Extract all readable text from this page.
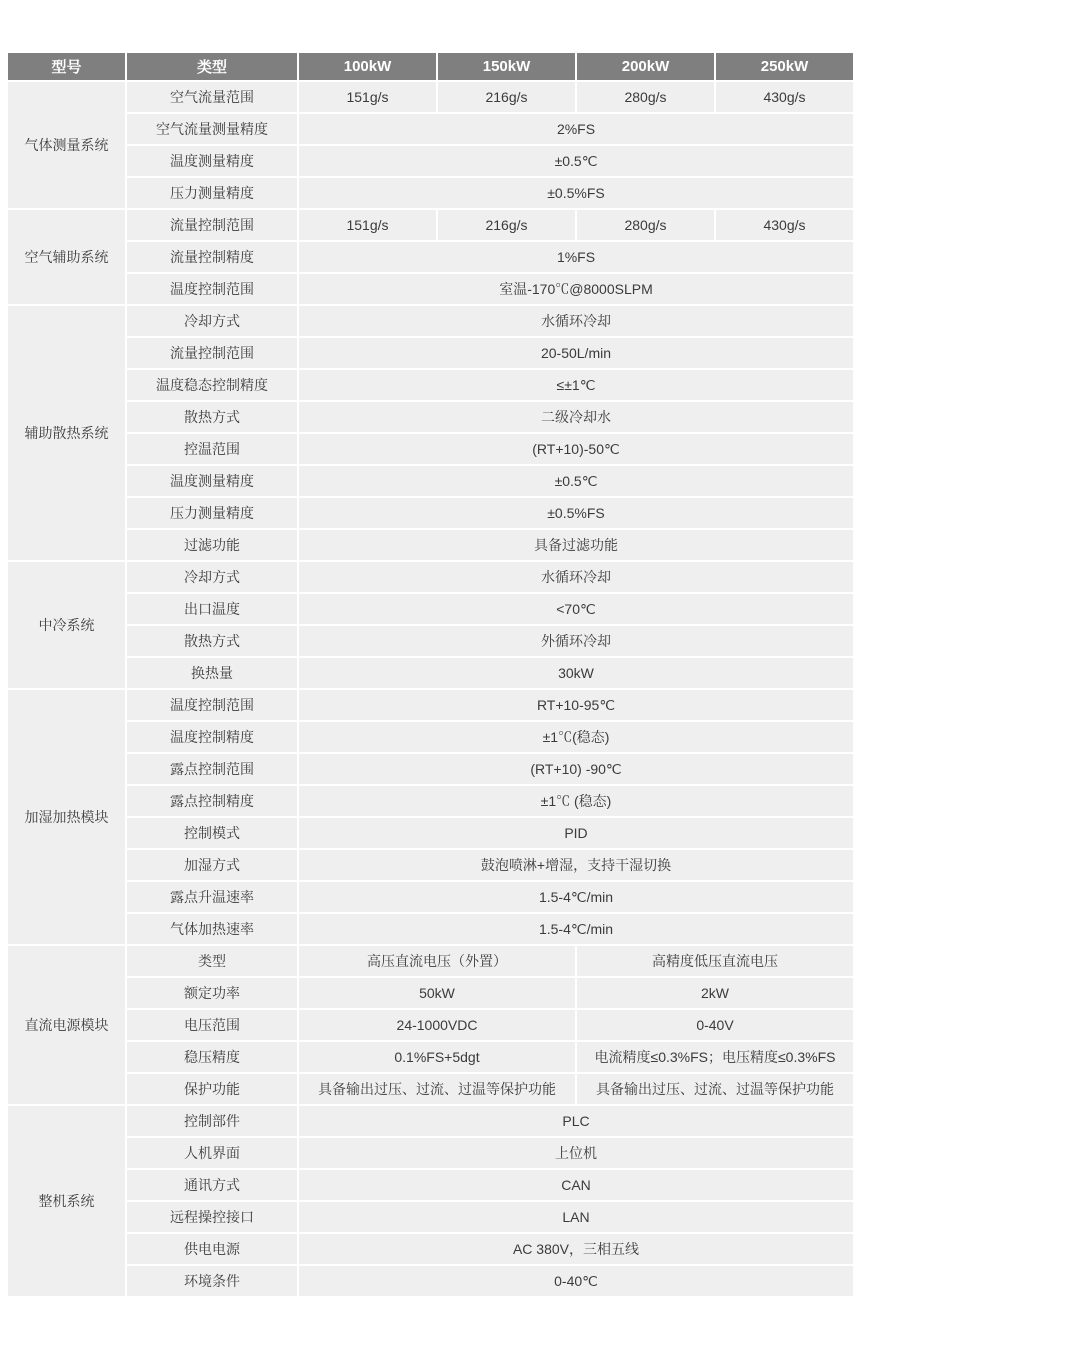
型号	类型	100kW	150kW	200kW	250kW
气体测量系统	空气流量范围	151g/s	216g/s	280g/s	430g/s
	空气流量测量精度	2%FS			
	温度测量精度	±0.5℃			
	压力测量精度	±0.5%FS			
空气辅助系统	流量控制范围	151g/s	216g/s	280g/s	430g/s
	流量控制精度	1%FS			
	温度控制范围	室温-170℃@8000SLPM			
辅助散热系统	冷却方式	水循环冷却			
	流量控制范围	20-50L/min			
	温度稳态控制精度	≤±1℃			
	散热方式	二级冷却水			
	控温范围	(RT+10)-50℃			
	温度测量精度	±0.5℃			
	压力测量精度	±0.5%FS			
	过滤功能	具备过滤功能			
中冷系统	冷却方式	水循环冷却			
	出口温度	<70℃			
	散热方式	外循环冷却			
	换热量	30kW			
加湿加热模块	温度控制范围	RT+10-95℃			
	温度控制精度	±1℃(稳态)			
	露点控制范围	(RT+10) -90℃			
	露点控制精度	±1℃ (稳态)			
	控制模式	PID			
	加湿方式	鼓泡喷淋+增湿，支持干湿切换			
	露点升温速率	1.5-4℃/min			
	气体加热速率	1.5-4℃/min			
直流电源模块	类型	高压直流电压（外置）		高精度低压直流电压	
	额定功率	50kW		2kW	
	电压范围	24-1000VDC		0-40V	
	稳压精度	0.1%FS+5dgt		电流精度≤0.3%FS；电压精度≤0.3%FS	
	保护功能	具备输出过压、过流、过温等保护功能		具备输出过压、过流、过温等保护功能	
整机系统	控制部件	PLC			
	人机界面	上位机			
	通讯方式	CAN			
	远程操控接口	LAN			
	供电电源	AC 380V，三相五线			
	环境条件	0-40℃			
